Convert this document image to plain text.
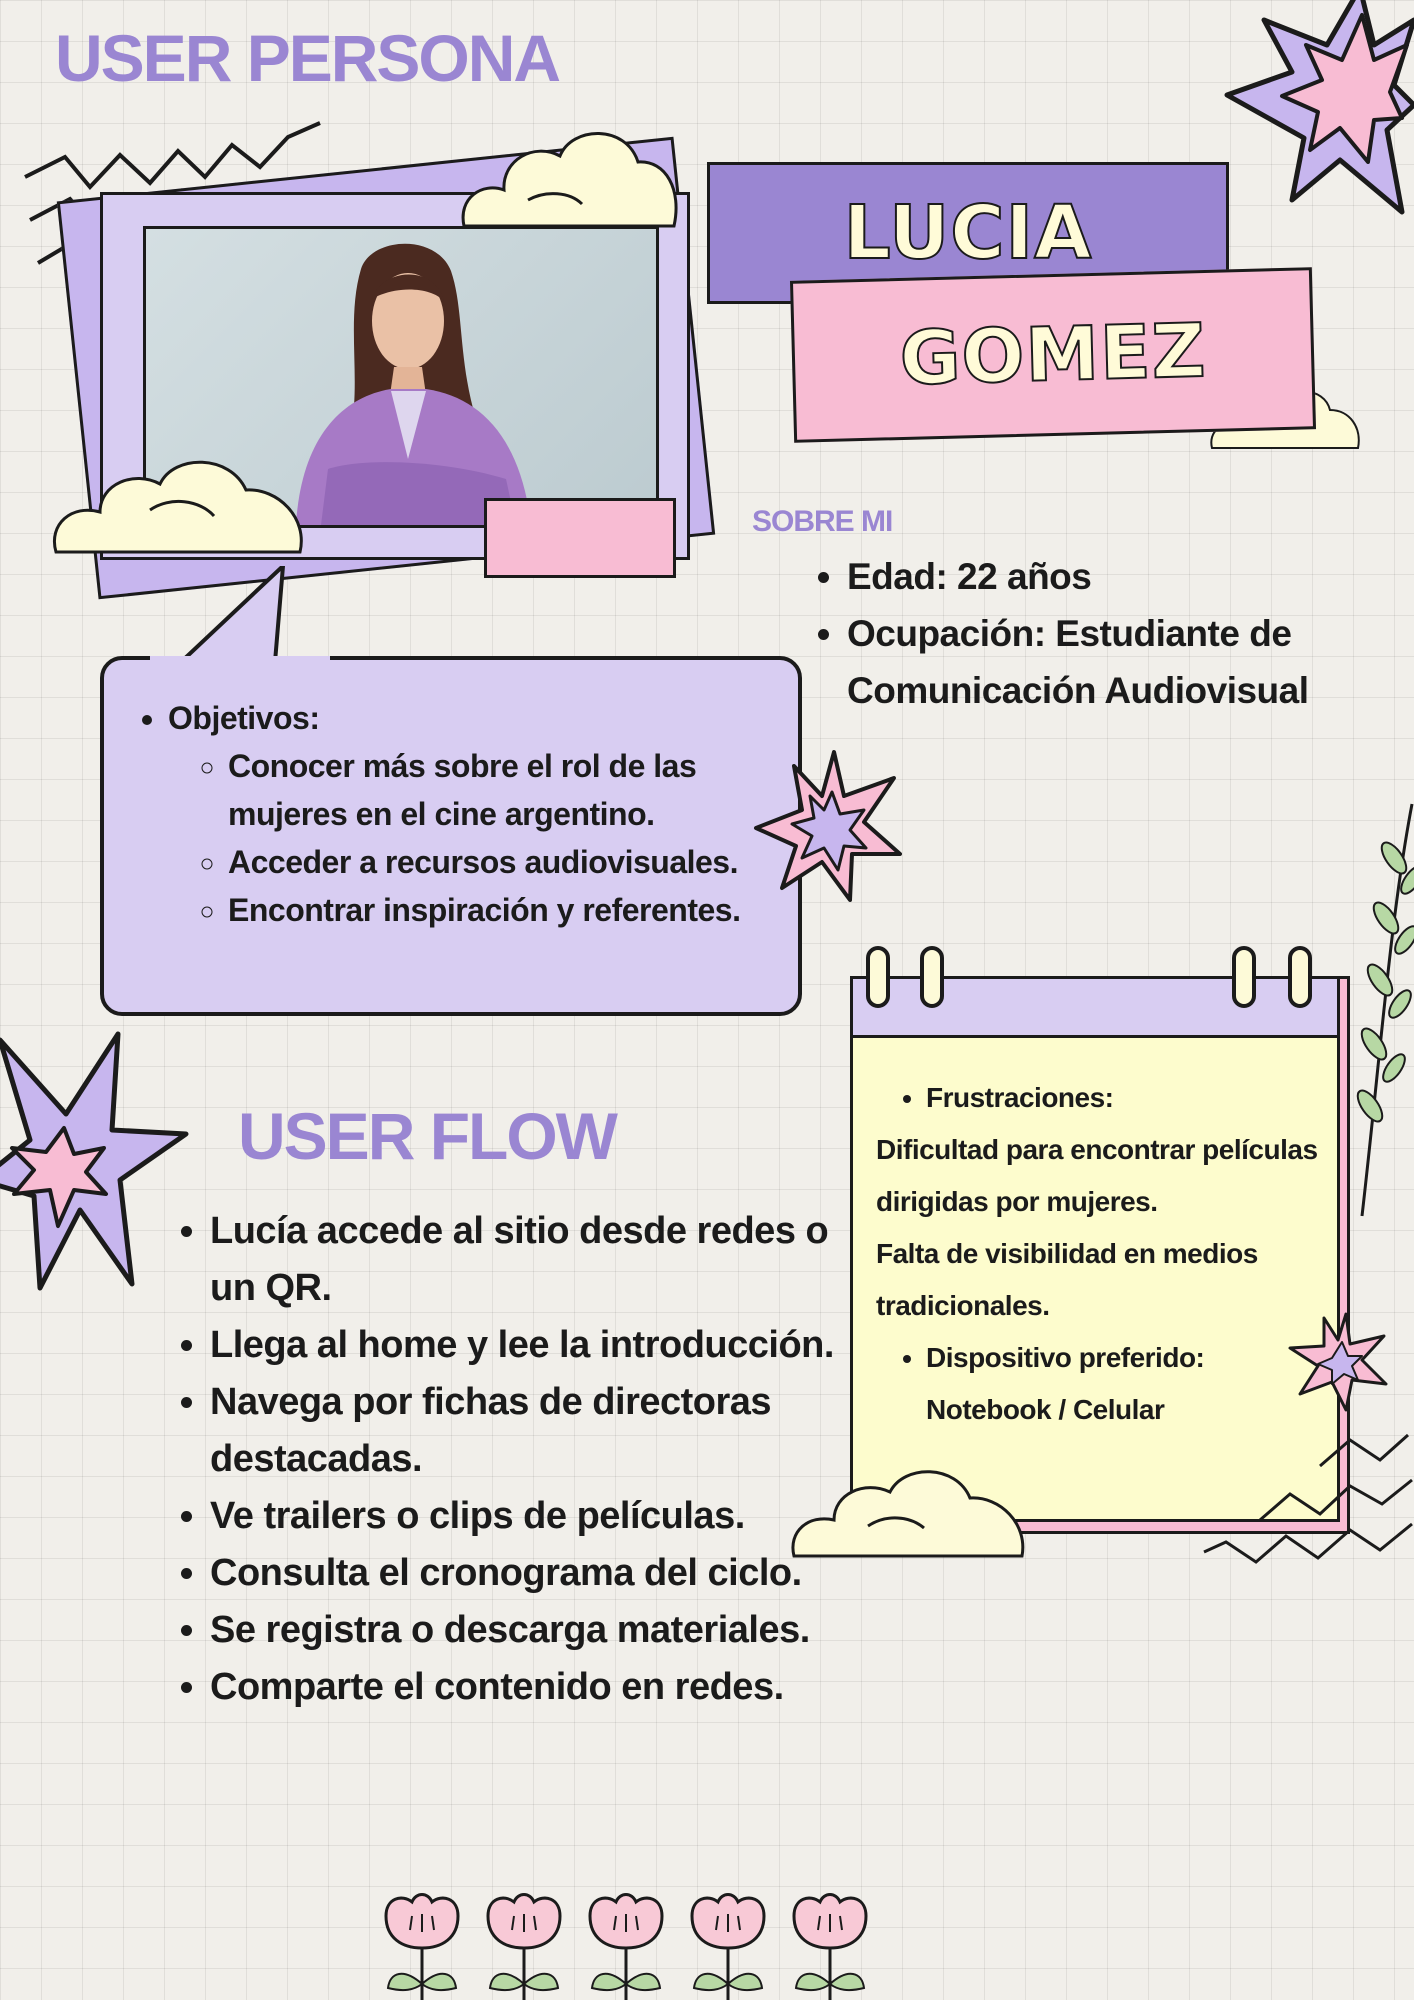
USER PERSONA
LUCIA
GOMEZ
SOBRE MI
• Edad: 22 años
• Ocupación: Estudiante de Comunicación Audiovisual
• Objetivos:
◦ Conocer más sobre el rol de las mujeres en el cine argentino.
◦ Acceder a recursos audiovisuales.
◦ Encontrar inspiración y referentes.
• Frustraciones:

Dificultad para encontrar películas dirigidas por mujeres.

Falta de visibilidad en medios tradicionales.

• Dispositivo preferido:
Notebook / Celular
USER FLOW
• Lucía accede al sitio desde redes o un QR.
• Llega al home y lee la introducción.
• Navega por fichas de directoras destacadas.
• Ve trailers o clips de películas.
• Consulta el cronograma del ciclo.
• Se registra o descarga materiales.
• Comparte el contenido en redes.
